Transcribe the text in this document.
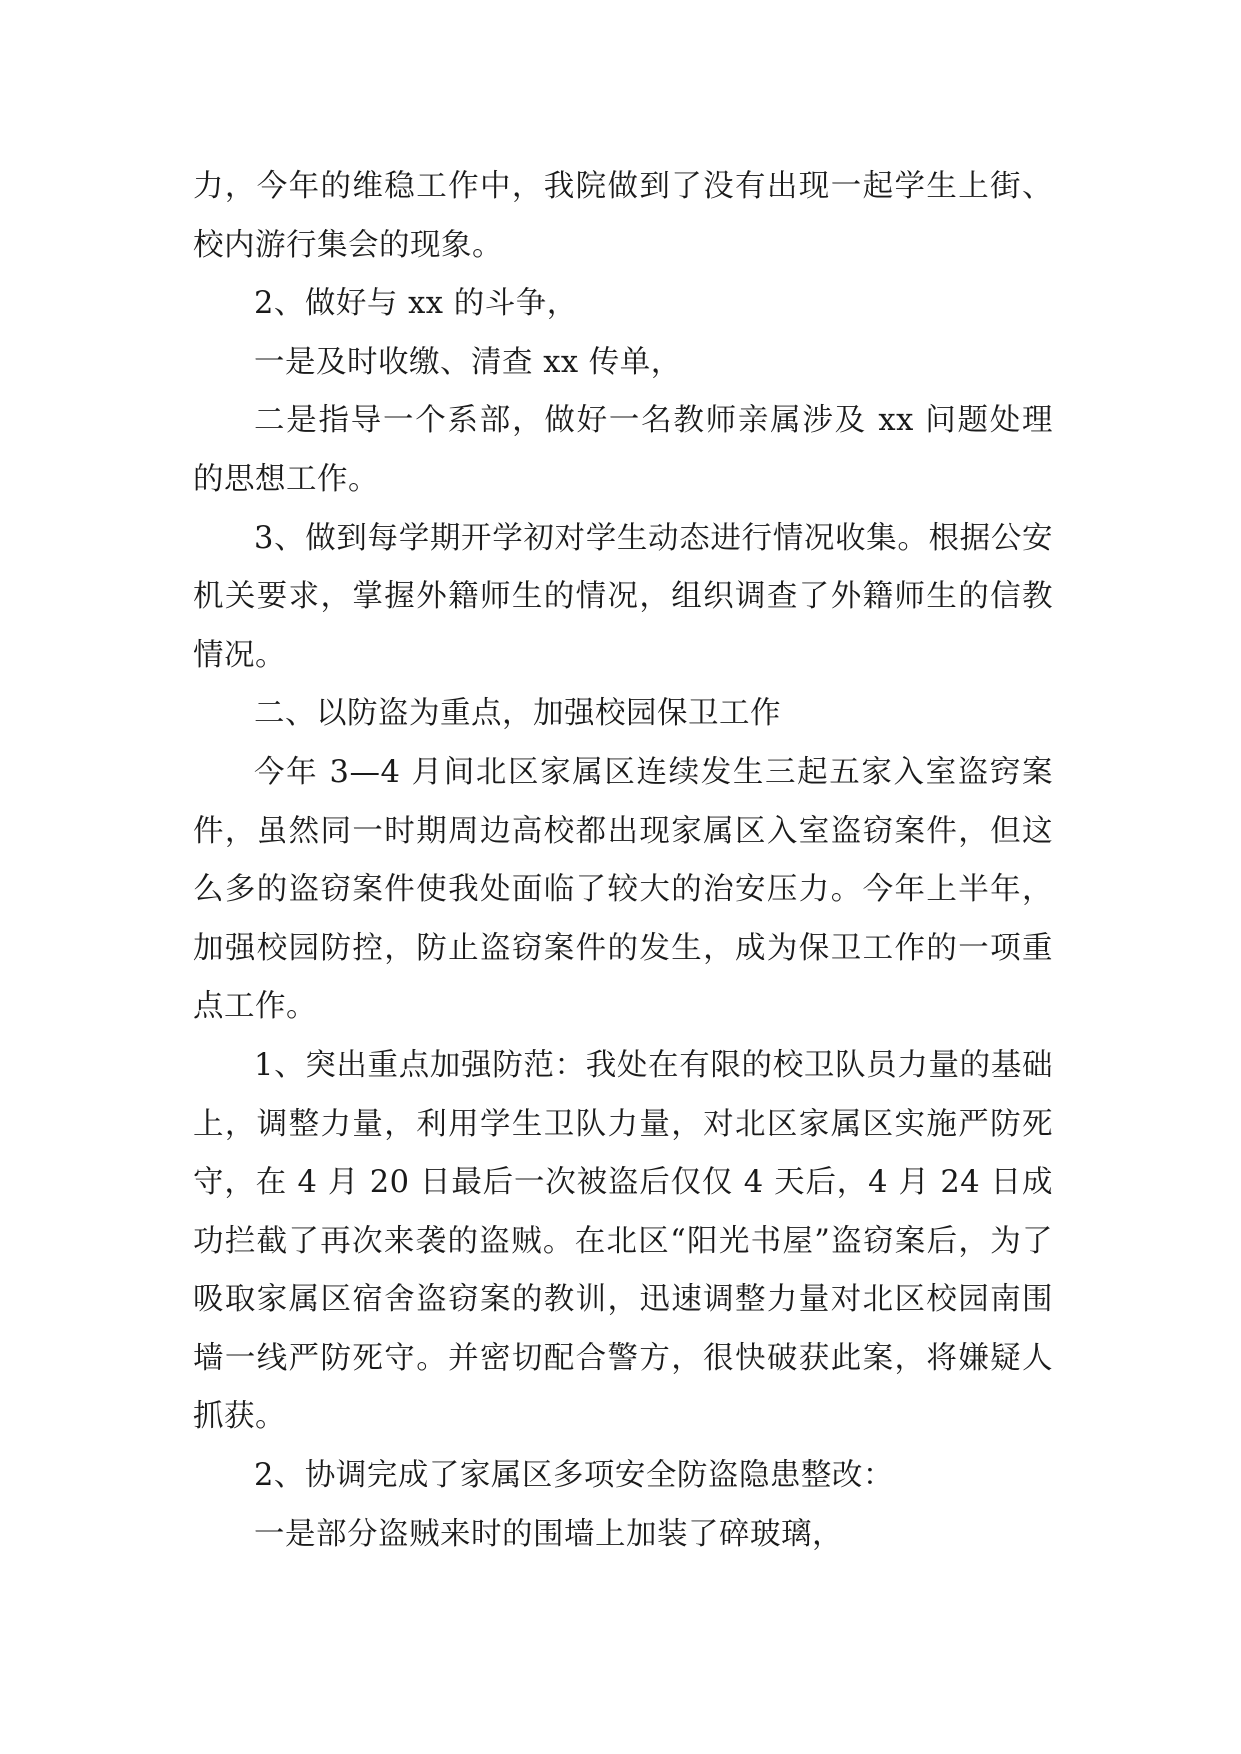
力，今年的维稳工作中，我院做到了没有出现一起学生上街、校内游行集会的现象。

2、做好与 xx 的斗争，

一是及时收缴、清查 xx 传单，

二是指导一个系部，做好一名教师亲属涉及 xx 问题处理的思想工作。

3、做到每学期开学初对学生动态进行情况收集。根据公安机关要求，掌握外籍师生的情况，组织调查了外籍师生的信教情况。

二、以防盗为重点，加强校园保卫工作

今年 3—4 月间北区家属区连续发生三起五家入室盗窍案件，虽然同一时期周边高校都出现家属区入室盗窃案件，但这么多的盗窃案件使我处面临了较大的治安压力。今年上半年，加强校园防控，防止盗窃案件的发生，成为保卫工作的一项重点工作。

1、突出重点加强防范：我处在有限的校卫队员力量的基础上，调整力量，利用学生卫队力量，对北区家属区实施严防死守，在 4 月 20 日最后一次被盗后仅仅 4 天后，4 月 24 日成功拦截了再次来袭的盗贼。在北区“阳光书屋”盗窃案后，为了吸取家属区宿舍盗窃案的教训，迅速调整力量对北区校园南围墙一线严防死守。并密切配合警方，很快破获此案，将嫌疑人抓获。

2、协调完成了家属区多项安全防盗隐患整改：

一是部分盗贼来时的围墙上加装了碎玻璃，
